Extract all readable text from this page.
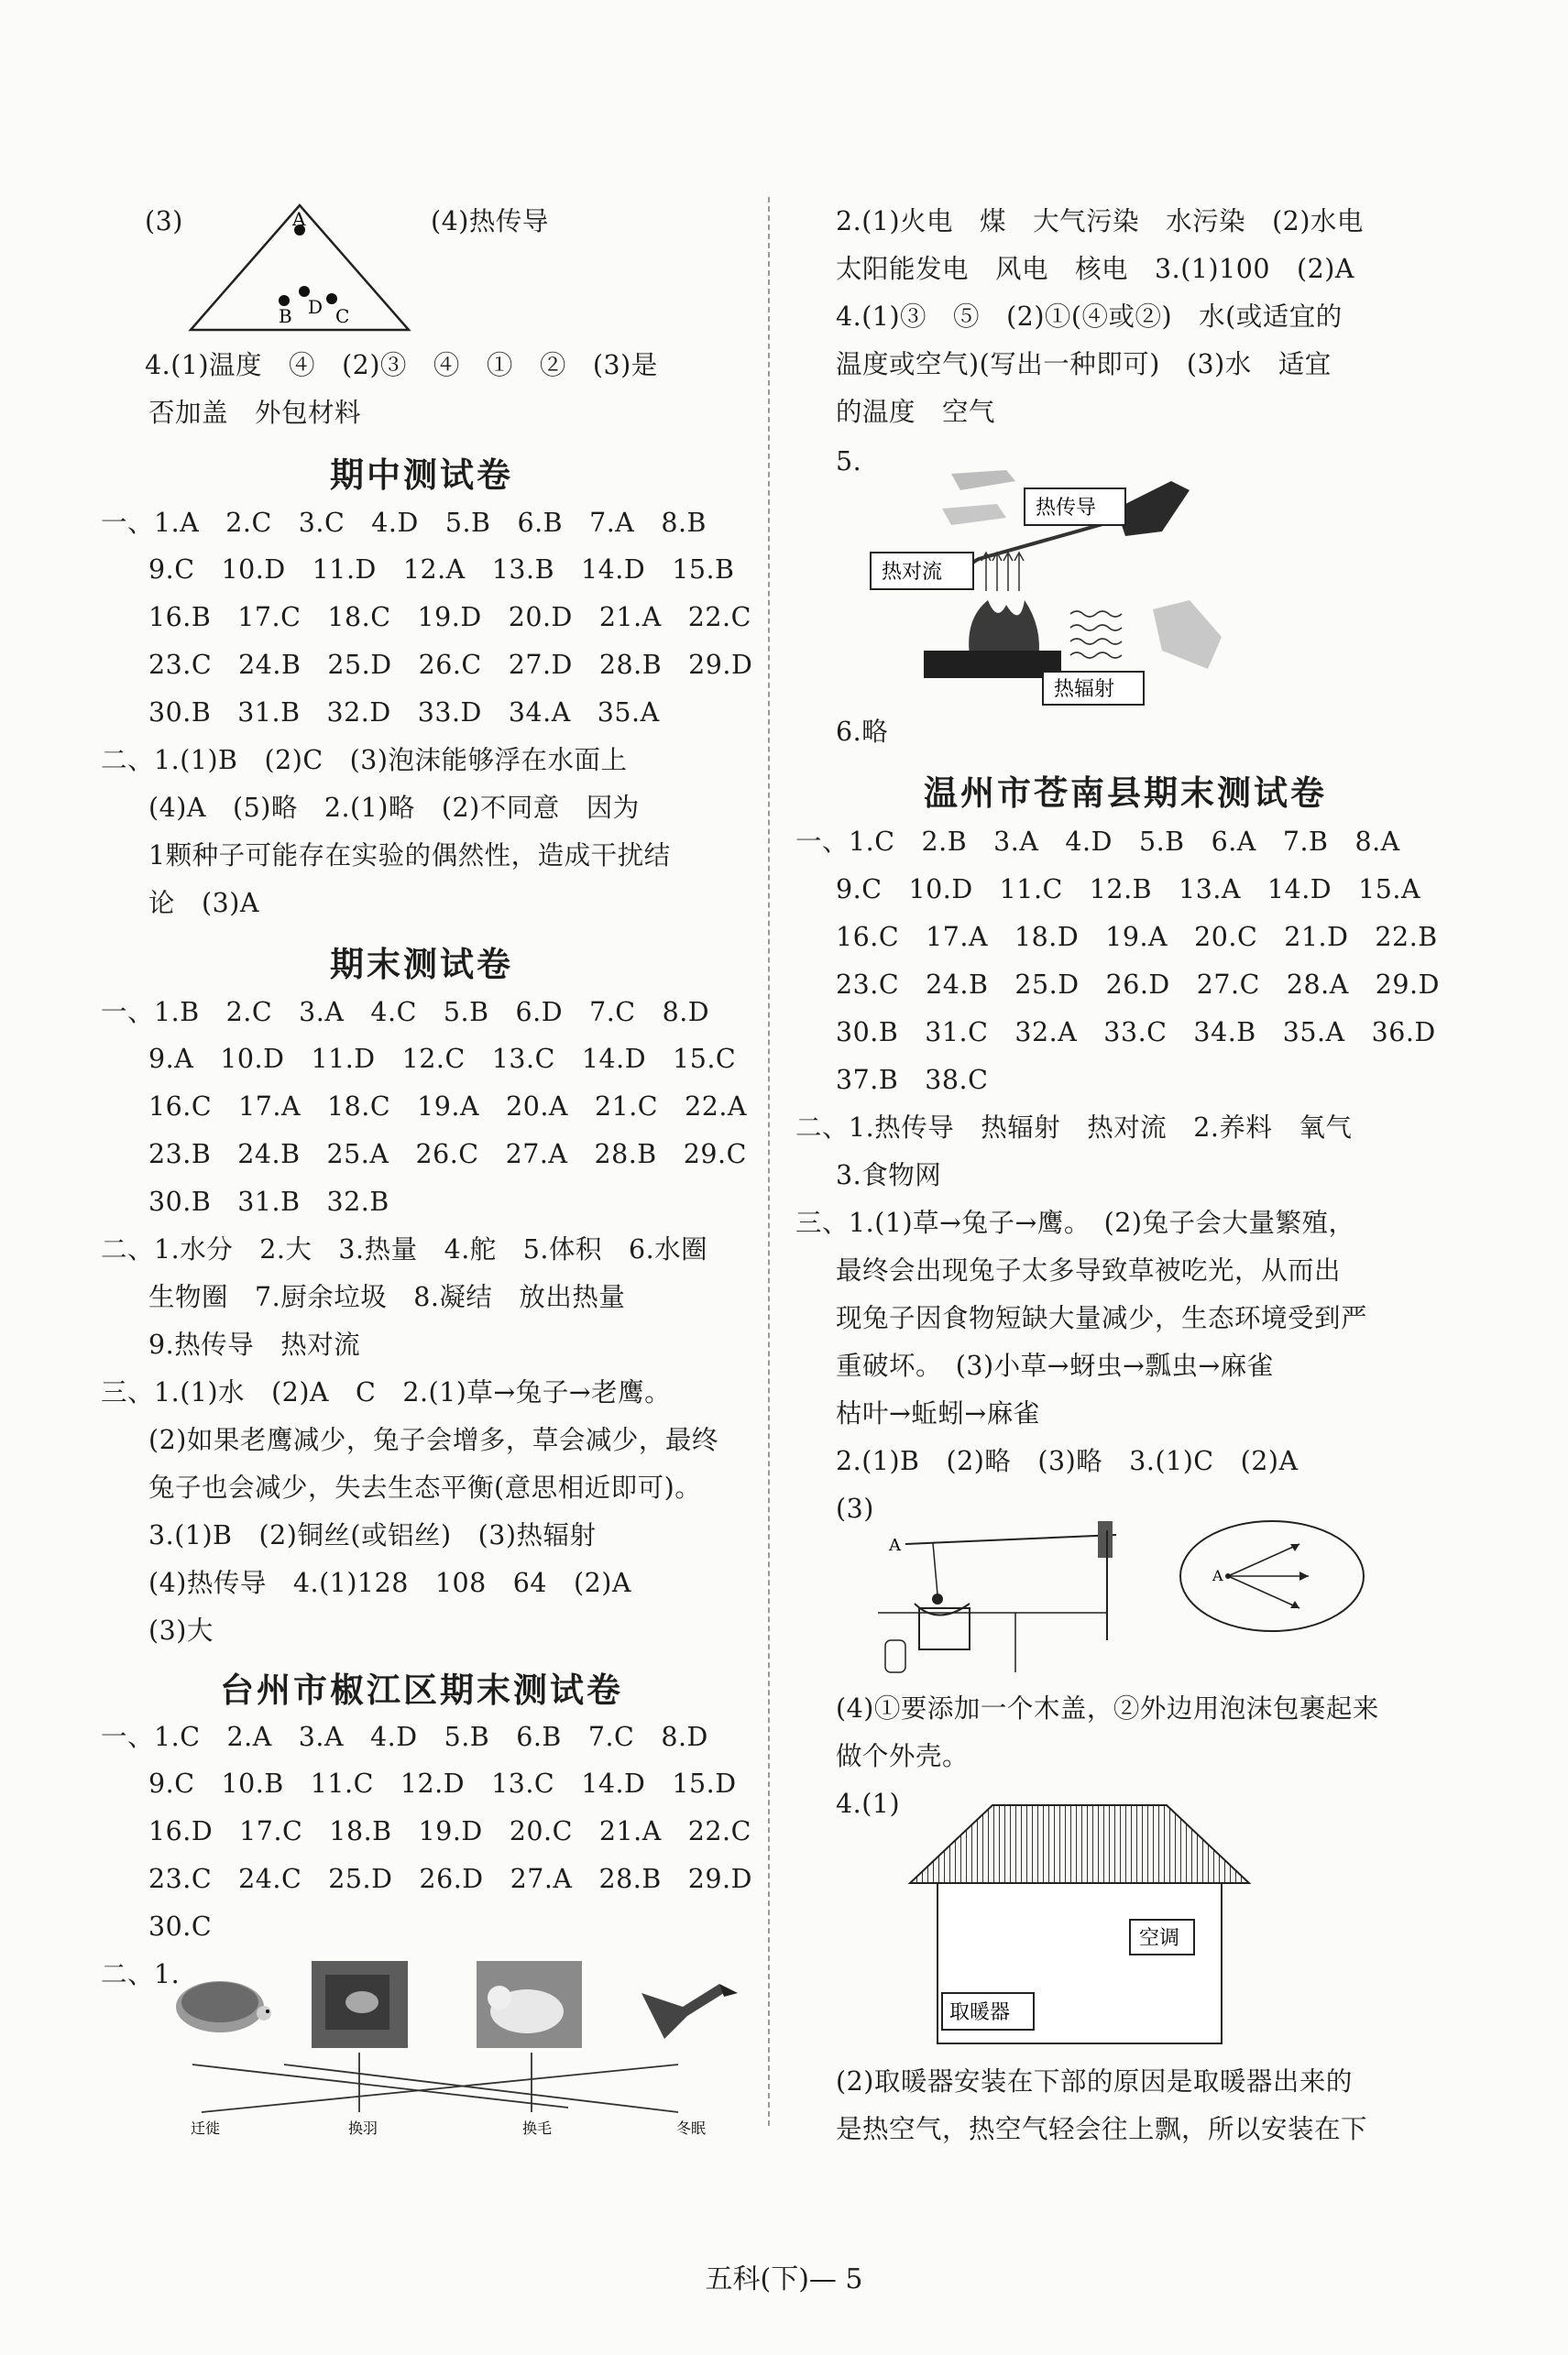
(3)	A
B D C
(4)热传导
4.(1)温度　④　(2)③　④　①　②　(3)是
否加盖　外包材料
期中测试卷
一、1.A　2.C　3.C　4.D　5.B　6.B　7.A　8.B
9.C　10.D　11.D　12.A　13.B　14.D　15.B
16.B　17.C　18.C　19.D　20.D　21.A　22.C
23.C　24.B　25.D　26.C　27.D　28.B　29.D
30.B　31.B　32.D　33.D　34.A　35.A
二、1.(1)B　(2)C　(3)泡沫能够浮在水面上
(4)A　(5)略　2.(1)略　(2)不同意　因为
1颗种子可能存在实验的偶然性，造成干扰结
论　(3)A
期末测试卷
一、1.B　2.C　3.A　4.C　5.B　6.D　7.C　8.D
9.A　10.D　11.D　12.C　13.C　14.D　15.C
16.C　17.A　18.C　19.A　20.A　21.C　22.A
23.B　24.B　25.A　26.C　27.A　28.B　29.C
30.B　31.B　32.B
二、1.水分　2.大　3.热量　4.舵　5.体积　6.水圈
生物圈　7.厨余垃圾　8.凝结　放出热量
9.热传导　热对流
三、1.(1)水　(2)A　C　2.(1)草→兔子→老鹰。
(2)如果老鹰减少，兔子会增多，草会减少，最终
兔子也会减少，失去生态平衡(意思相近即可)。
3.(1)B　(2)铜丝(或铝丝)　(3)热辐射
(4)热传导　4.(1)128　108　64　(2)A
(3)大
台州市椒江区期末测试卷
一、1.C　2.A　3.A　4.D　5.B　6.B　7.C　8.D
9.C　10.B　11.C　12.D　13.C　14.D　15.D
16.D　17.C　18.B　19.D　20.C　21.A　22.C
23.C　24.C　25.D　26.D　27.A　28.B　29.D
30.C
二、1.
迁徙	换羽	换毛	冬眠
2.(1)火电　煤　大气污染　水污染　(2)水电
太阳能发电　风电　核电　3.(1)100　(2)A
4.(1)③　⑤　(2)①(④或②)　水(或适宜的
温度或空气)(写出一种即可)　(3)水　适宜
的温度　空气
5.
热传导
热对流
热辐射
6.略
温州市苍南县期末测试卷
一、1.C　2.B　3.A　4.D　5.B　6.A　7.B　8.A
9.C　10.D　11.C　12.B　13.A　14.D　15.A
16.C　17.A　18.D　19.A　20.C　21.D　22.B
23.C　24.B　25.D　26.D　27.C　28.A　29.D
30.B　31.C　32.A　33.C　34.B　35.A　36.D
37.B　38.C
二、1.热传导　热辐射　热对流　2.养料　氧气
3.食物网
三、1.(1)草→兔子→鹰。　(2)兔子会大量繁殖，
最终会出现兔子太多导致草被吃光，从而出
现兔子因食物短缺大量减少，生态环境受到严
重破坏。　(3)小草→蚜虫→瓢虫→麻雀
枯叶→蚯蚓→麻雀
2.(1)B　(2)略　(3)略　3.(1)C　(2)A
(3)
A
A
(4)①要添加一个木盖，②外边用泡沫包裹起来
做个外壳。
4.(1)
空调
取暖器
(2)取暖器安装在下部的原因是取暖器出来的
是热空气，热空气轻会往上飘，所以安装在下
五科(下)— 5
